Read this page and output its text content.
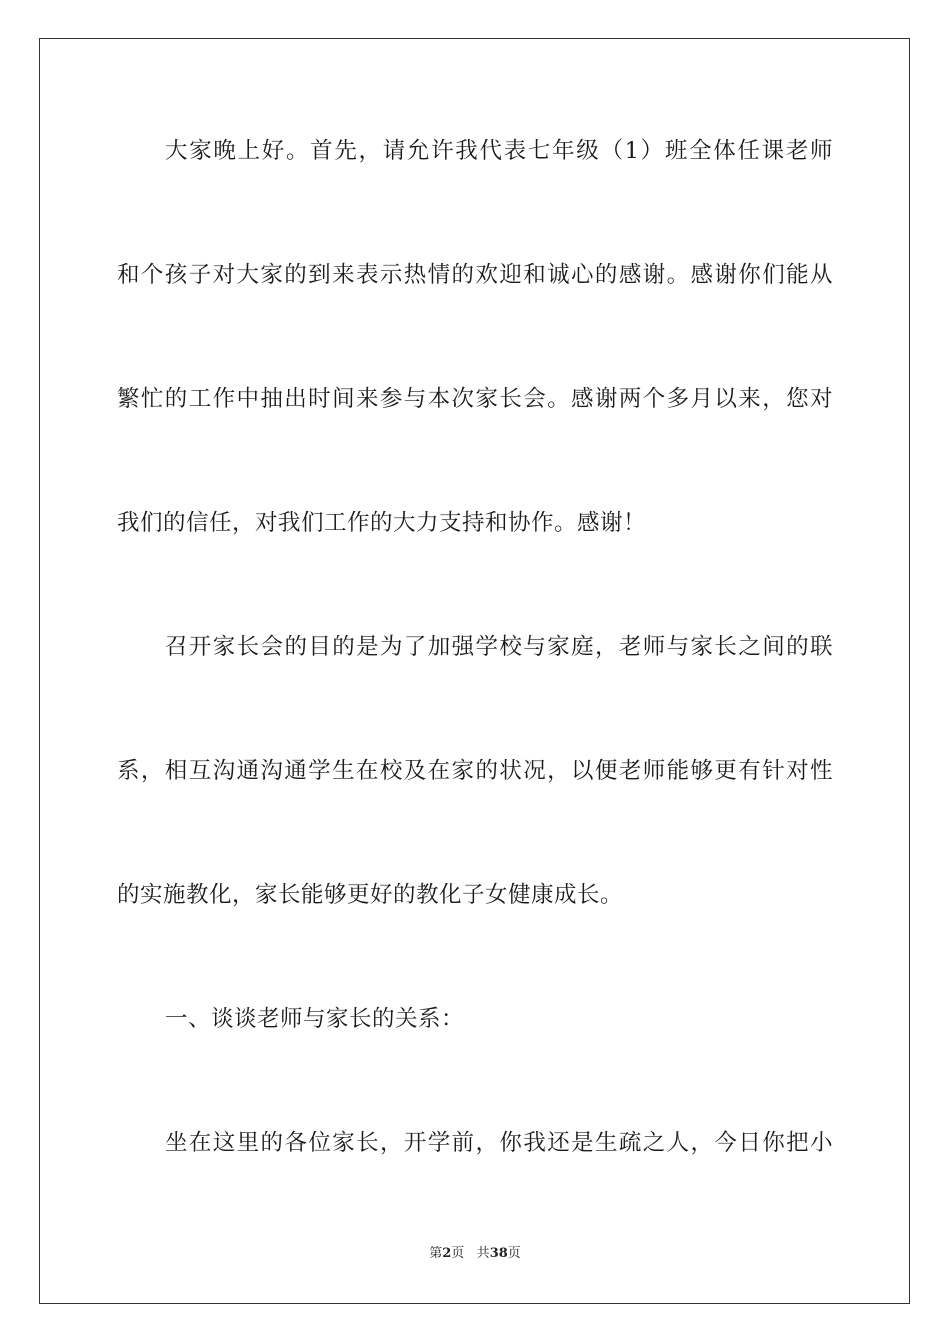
大家晚上好。首先，请允许我代表七年级（1）班全体任课老师
和个孩子对大家的到来表示热情的欢迎和诚心的感谢。感谢你们能从
繁忙的工作中抽出时间来参与本次家长会。感谢两个多月以来，您对
我们的信任，对我们工作的大力支持和协作。感谢！
召开家长会的目的是为了加强学校与家庭，老师与家长之间的联
系，相互沟通沟通学生在校及在家的状况，以便老师能够更有针对性
的实施教化，家长能够更好的教化子女健康成长。
一、谈谈老师与家长的关系：
坐在这里的各位家长，开学前，你我还是生疏之人，今日你把小
第2页 共38页
